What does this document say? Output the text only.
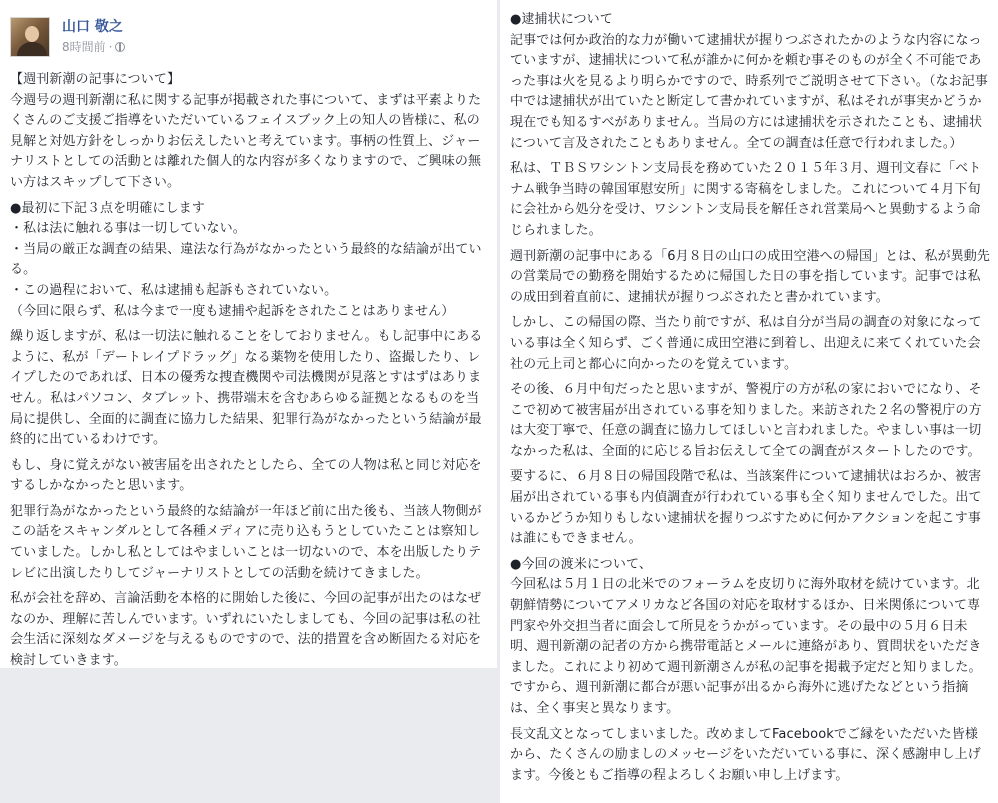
山口 敬之
8時間前 ·

【週刊新潮の記事について】
今週号の週刊新潮に私に関する記事が掲載された事について、まずは平素よりたくさんのご支援ご指導をいただいているフェイスブック上の知人の皆様に、私の見解と対処方針をしっかりお伝えしたいと考えています。事柄の性質上、ジャーナリストとしての活動とは離れた個人的な内容が多くなりますので、ご興味の無い方はスキップして下さい。

●最初に下記３点を明確にします
・私は法に触れる事は一切していない。
・当局の厳正な調査の結果、違法な行為がなかったという最終的な結論が出ている。
・この過程において、私は逮捕も起訴もされていない。
（今回に限らず、私は今まで一度も逮捕や起訴をされたことはありません）

繰り返しますが、私は一切法に触れることをしておりません。もし記事中にあるように、私が「デートレイプドラッグ」なる薬物を使用したり、盗撮したり、レイプしたのであれば、日本の優秀な捜査機関や司法機関が見落とすはずはありません。私はパソコン、タブレット、携帯端末を含むあらゆる証拠となるものを当局に提供し、全面的に調査に協力した結果、犯罪行為がなかったという結論が最終的に出ているわけです。

もし、身に覚えがない被害届を出されたとしたら、全ての人物は私と同じ対応をするしかなかったと思います。

犯罪行為がなかったという最終的な結論が一年ほど前に出た後も、当該人物側がこの話をスキャンダルとして各種メディアに売り込もうとしていたことは察知していました。しかし私としてはやましいことは一切ないので、本を出版したりテレビに出演したりしてジャーナリストとしての活動を続けてきました。

私が会社を辞め、言論活動を本格的に開始した後に、今回の記事が出たのはなぜなのか、理解に苦しんでいます。いずれにいたしましても、今回の記事は私の社会生活に深刻なダメージを与えるものですので、法的措置を含め断固たる対応を検討していきます。

●逮捕状について
記事では何か政治的な力が働いて逮捕状が握りつぶされたかのような内容になっていますが、逮捕状について私が誰かに何かを頼む事そのものが全く不可能であった事は火を見るより明らかですので、時系列でご説明させて下さい。（なお記事中では逮捕状が出ていたと断定して書かれていますが、私はそれが事実かどうか現在でも知るすべがありません。当局の方には逮捕状を示されたことも、逮捕状について言及されたこともありません。全ての調査は任意で行われました。）

私は、ＴＢＳワシントン支局長を務めていた２０１５年３月、週刊文春に「ベトナム戦争当時の韓国軍慰安所」に関する寄稿をしました。これについて４月下旬に会社から処分を受け、ワシントン支局長を解任され営業局へと異動するよう命じられました。

週刊新潮の記事中にある「6月８日の山口の成田空港への帰国」とは、私が異動先の営業局での勤務を開始するために帰国した日の事を指しています。記事では私の成田到着直前に、逮捕状が握りつぶされたと書かれています。

しかし、この帰国の際、当たり前ですが、私は自分が当局の調査の対象になっている事は全く知らず、ごく普通に成田空港に到着し、出迎えに来てくれていた会社の元上司と都心に向かったのを覚えています。

その後、６月中旬だったと思いますが、警視庁の方が私の家においでになり、そこで初めて被害届が出されている事を知りました。来訪された２名の警視庁の方は大変丁寧で、任意の調査に協力してほしいと言われました。やましい事は一切なかった私は、全面的に応じる旨お伝えして全ての調査がスタートしたのです。

要するに、６月８日の帰国段階で私は、当該案件について逮捕状はおろか、被害届が出されている事も内偵調査が行われている事も全く知りませんでした。出ているかどうか知りもしない逮捕状を握りつぶすために何かアクションを起こす事は誰にもできません。

●今回の渡米について、
今回私は５月１日の北米でのフォーラムを皮切りに海外取材を続けています。北朝鮮情勢についてアメリカなど各国の対応を取材するほか、日米関係について専門家や外交担当者に面会して所見をうかがっています。その最中の５月６日未明、週刊新潮の記者の方から携帯電話とメールに連絡があり、質問状をいただきました。これにより初めて週刊新潮さんが私の記事を掲載予定だと知りました。ですから、週刊新潮に都合が悪い記事が出るから海外に逃げたなどという指摘は、全く事実と異なります。

長文乱文となってしまいました。改めましてFacebookでご縁をいただいた皆様から、たくさんの励ましのメッセージをいただいている事に、深く感謝申し上げます。今後ともご指導の程よろしくお願い申し上げます。
